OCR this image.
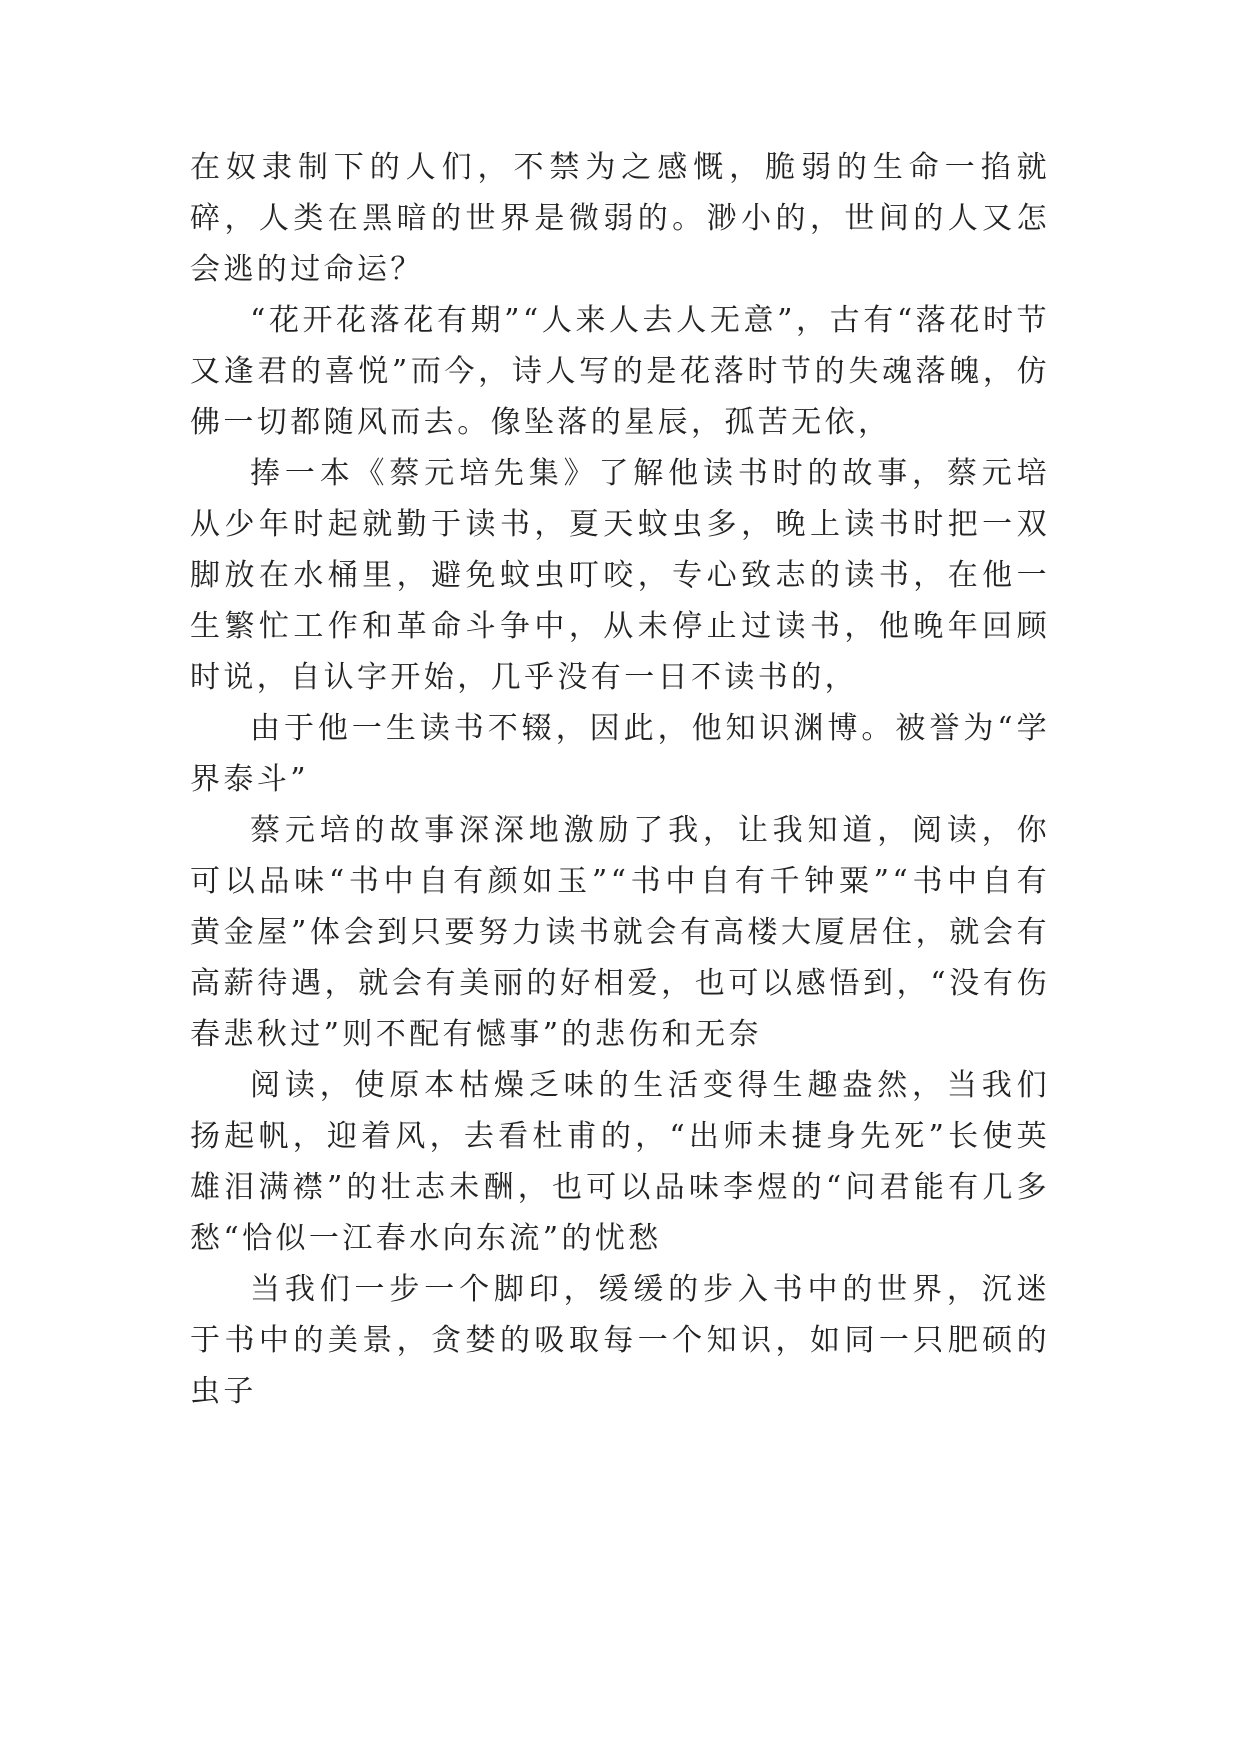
在奴隶制下的人们，不禁为之感慨，脆弱的生命一掐就碎，人类在黑暗的世界是微弱的。渺小的，世间的人又怎会逃的过命运？

“花开花落花有期”“人来人去人无意”，古有“落花时节又逢君的喜悦”而今，诗人写的是花落时节的失魂落魄，仿佛一切都随风而去。像坠落的星辰，孤苦无依，

捧一本《蔡元培先集》了解他读书时的故事，蔡元培从少年时起就勤于读书，夏天蚊虫多，晚上读书时把一双脚放在水桶里，避免蚊虫叮咬，专心致志的读书，在他一生繁忙工作和革命斗争中，从未停止过读书，他晚年回顾时说，自认字开始，几乎没有一日不读书的，

由于他一生读书不辍，因此，他知识渊博。被誉为“学界泰斗”

蔡元培的故事深深地激励了我，让我知道，阅读，你可以品味“书中自有颜如玉”“书中自有千钟粟”“书中自有黄金屋”体会到只要努力读书就会有高楼大厦居住，就会有高薪待遇，就会有美丽的好相爱，也可以感悟到，“没有伤春悲秋过”则不配有憾事”的悲伤和无奈

阅读，使原本枯燥乏味的生活变得生趣盎然，当我们扬起帆，迎着风，去看杜甫的，“出师未捷身先死”长使英雄泪满襟”的壮志未酬，也可以品味李煜的“问君能有几多愁“恰似一江春水向东流”的忧愁

当我们一步一个脚印，缓缓的步入书中的世界，沉迷于书中的美景，贪婪的吸取每一个知识，如同一只肥硕的虫子
